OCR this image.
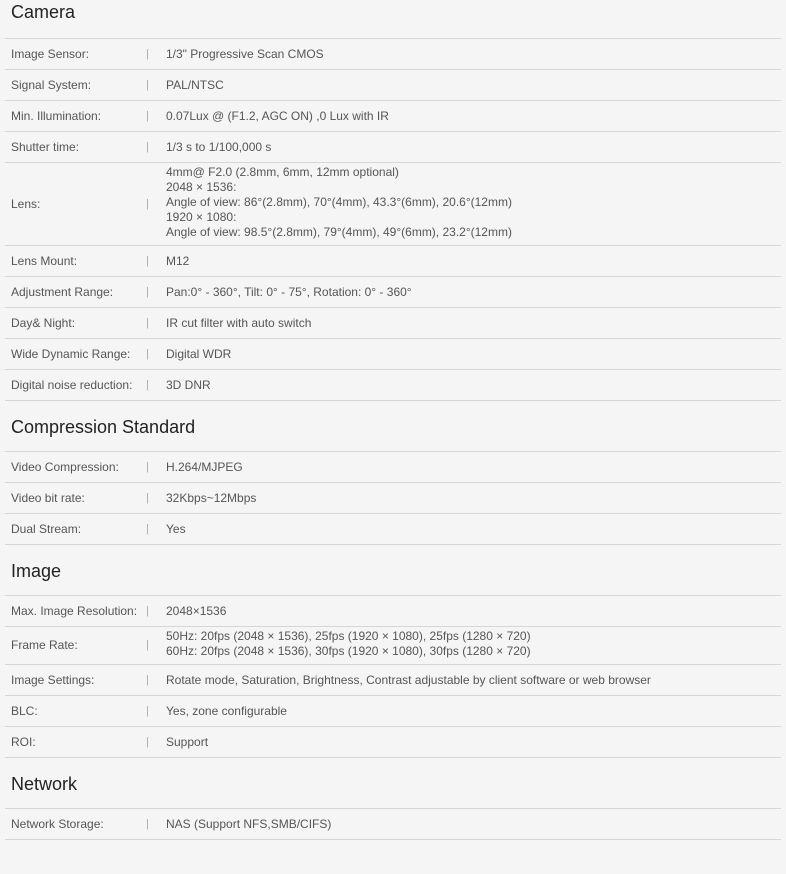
Camera
Image Sensor:	|	1/3" Progressive Scan CMOS
Signal System:	|	PAL/NTSC
Min. Illumination:	|	0.07Lux @ (F1.2, AGC ON) ,0 Lux with IR
Shutter time:	|	1/3 s to 1/100,000 s
Lens:	|
4mm@ F2.0 (2.8mm, 6mm, 12mm optional)
2048 × 1536:
Angle of view: 86°(2.8mm), 70°(4mm), 43.3°(6mm), 20.6°(12mm)
1920 × 1080:
Angle of view: 98.5°(2.8mm), 79°(4mm), 49°(6mm), 23.2°(12mm)
Lens Mount:	|	M12
Adjustment Range:	|	Pan:0° - 360°, Tilt: 0° - 75°, Rotation: 0° - 360°
Day& Night:	|	IR cut filter with auto switch
Wide Dynamic Range:	|	Digital WDR
Digital noise reduction:	|	3D DNR
Compression Standard
Video Compression:	|	H.264/MJPEG
Video bit rate:	|	32Kbps~12Mbps
Dual Stream:	|	Yes
Image
Max. Image Resolution: |	2048×1536
Frame Rate:	|
50Hz: 20fps (2048 × 1536), 25fps (1920 × 1080), 25fps (1280 × 720)
60Hz: 20fps (2048 × 1536), 30fps (1920 × 1080), 30fps (1280 × 720)
Image Settings:	|	Rotate mode, Saturation, Brightness, Contrast adjustable by client software or web browser
BLC:	|	Yes, zone configurable
ROI:	|	Support
Network
Network Storage:	|	NAS (Support NFS,SMB/CIFS)
